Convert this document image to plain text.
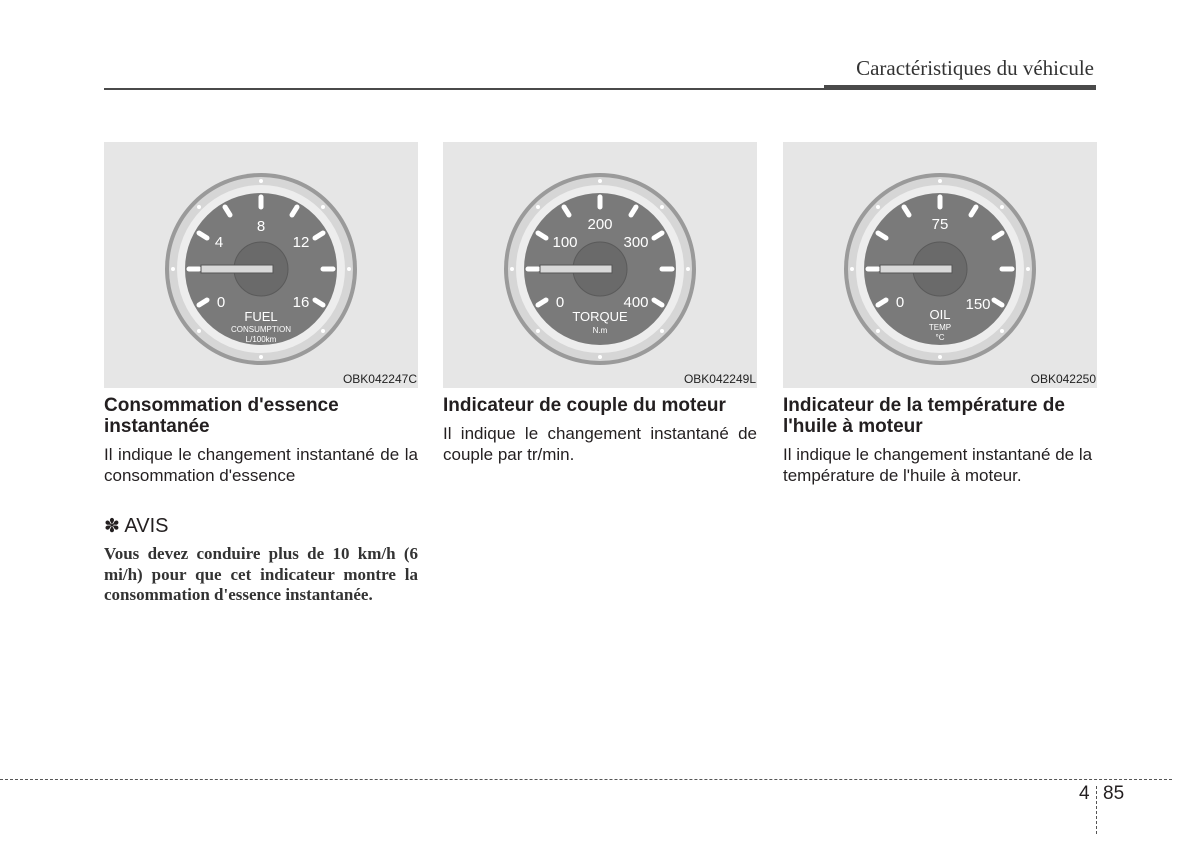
Caractéristiques du véhicule
0
4
8
12
16
FUEL
CONSUMPTION
L/100km
OBK042247C
Consommation d'essence instantanée
Il indique le changement instantané de la consommation d'essence
✽ AVIS
Vous devez conduire plus de 10 km/h (6 mi/h) pour que cet indicateur montre la consommation d'essence instantanée.
0
100
200
300
400
TORQUE
N.m
OBK042249L
Indicateur de couple du moteur
Il indique le changement instantané de couple par tr/min.
0
75
150
OIL
TEMP
°C
OBK042250
Indicateur de la température de l'huile à moteur
Il indique le changement instantané de la température de l'huile à moteur.
4 85
